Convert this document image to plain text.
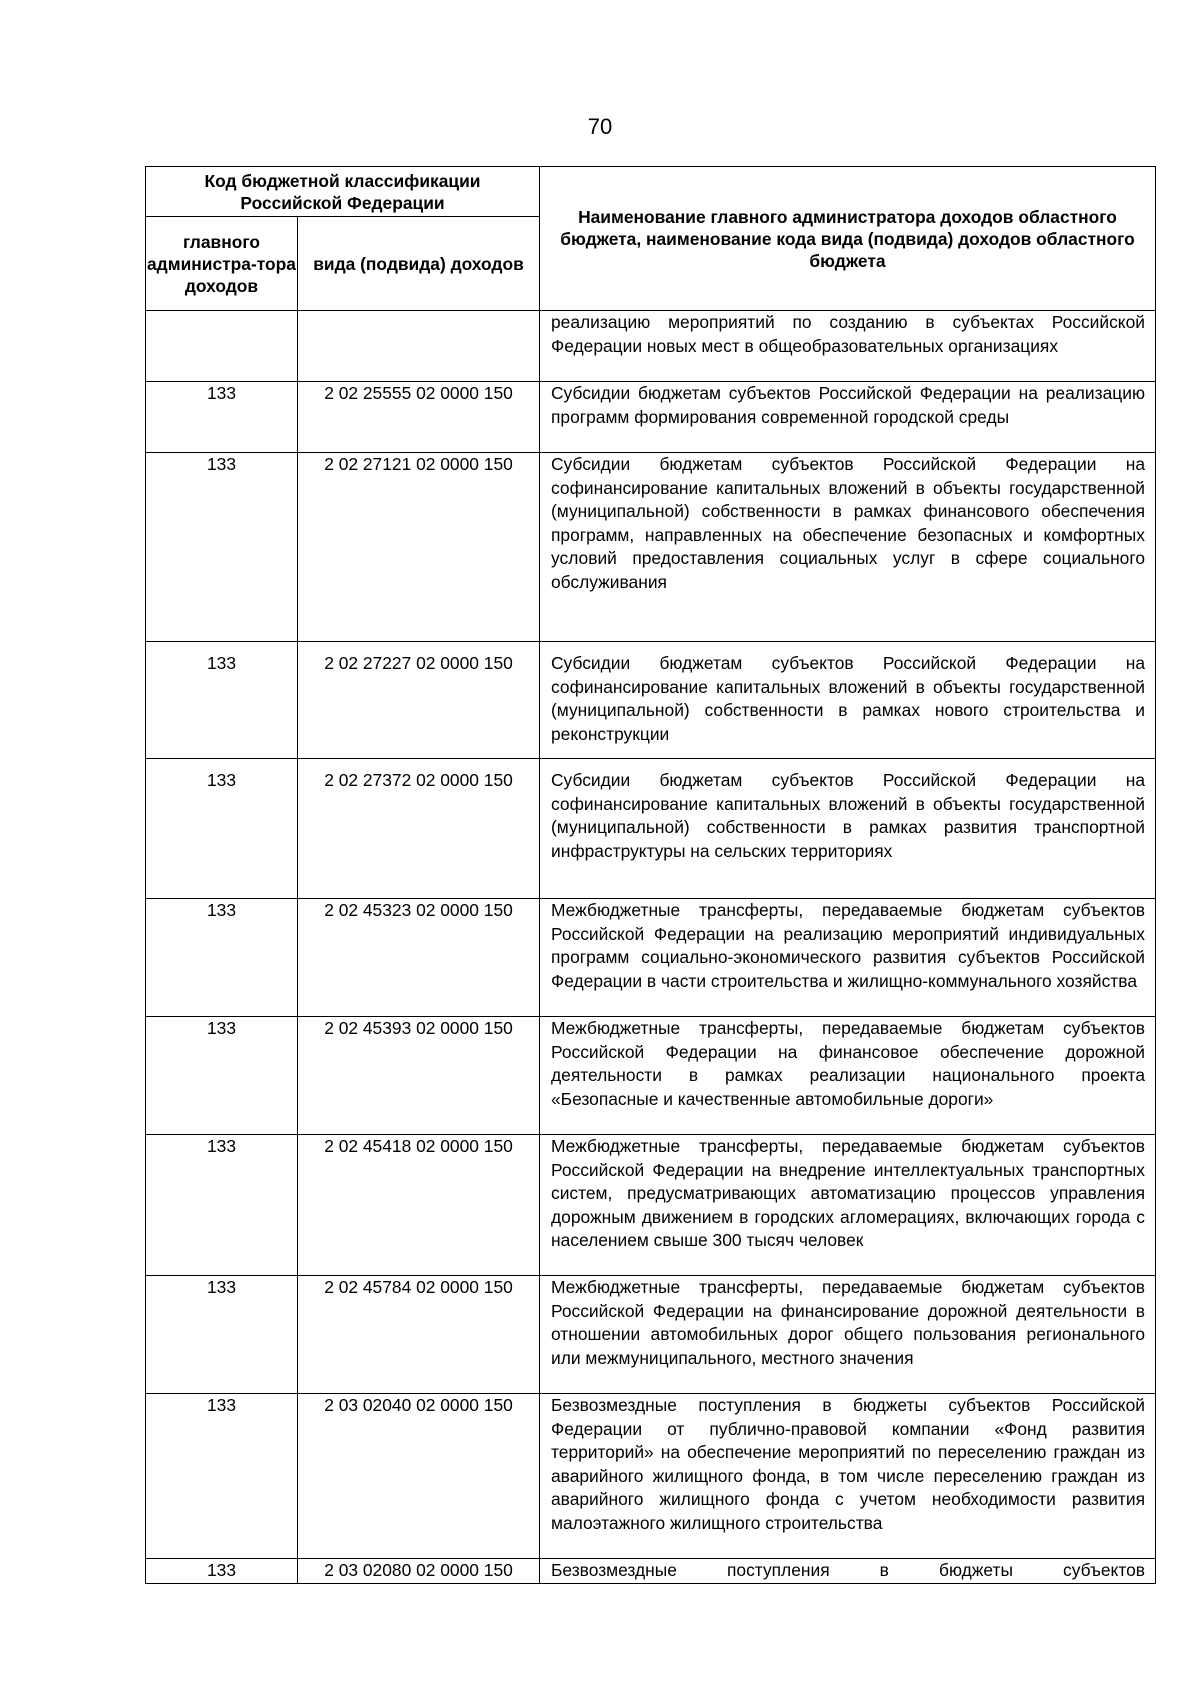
70
Код бюджетной классификации Российской Федерации		Наименование главного администратора доходов областного бюджета, наименование кода вида (подвида) доходов областного бюджета
главного администра-тора доходов	вида (подвида) доходов	
		реализацию мероприятий по созданию в субъектах Российской Федерации новых мест в общеобразовательных организациях
133	2 02 25555 02 0000 150	Субсидии бюджетам субъектов Российской Федерации на реализацию программ формирования современной городской среды
133	2 02 27121 02 0000 150	Субсидии бюджетам субъектов Российской Федерации на софинансирование капитальных вложений в объекты государственной (муниципальной) собственности в рамках финансового обеспечения программ, направленных на обеспечение безопасных и комфортных условий предоставления социальных услуг в сфере социального обслуживания
133	2 02 27227 02 0000 150	Субсидии бюджетам субъектов Российской Федерации на софинансирование капитальных вложений в объекты государственной (муниципальной) собственности в рамках нового строительства и реконструкции
133	2 02 27372 02 0000 150	Субсидии бюджетам субъектов Российской Федерации на софинансирование капитальных вложений в объекты государственной (муниципальной) собственности в рамках развития транспортной инфраструктуры на сельских территориях
133	2 02 45323 02 0000 150	Межбюджетные трансферты, передаваемые бюджетам субъектов Российской Федерации на реализацию мероприятий индивидуальных программ социально-экономического развития субъектов Российской Федерации в части строительства и жилищно-коммунального хозяйства
133	2 02 45393 02 0000 150	Межбюджетные трансферты, передаваемые бюджетам субъектов Российской Федерации на финансовое обеспечение дорожной деятельности в рамках реализации национального проекта «Безопасные и качественные автомобильные дороги»
133	2 02 45418 02 0000 150	Межбюджетные трансферты, передаваемые бюджетам субъектов Российской Федерации на внедрение интеллектуальных транспортных систем, предусматривающих автоматизацию процессов управления дорожным движением в городских агломерациях, включающих города с населением свыше 300 тысяч человек
133	2 02 45784 02 0000 150	Межбюджетные трансферты, передаваемые бюджетам субъектов Российской Федерации на финансирование дорожной деятельности в отношении автомобильных дорог общего пользования регионального или межмуниципального, местного значения
133	2 03 02040 02 0000 150	Безвозмездные поступления в бюджеты субъектов Российской Федерации от публично-правовой компании «Фонд развития территорий» на обеспечение мероприятий по переселению граждан из аварийного жилищного фонда, в том числе переселению граждан из аварийного жилищного фонда с учетом необходимости развития малоэтажного жилищного строительства
133	2 03 02080 02 0000 150	Безвозмездные поступления в бюджеты субъектов
